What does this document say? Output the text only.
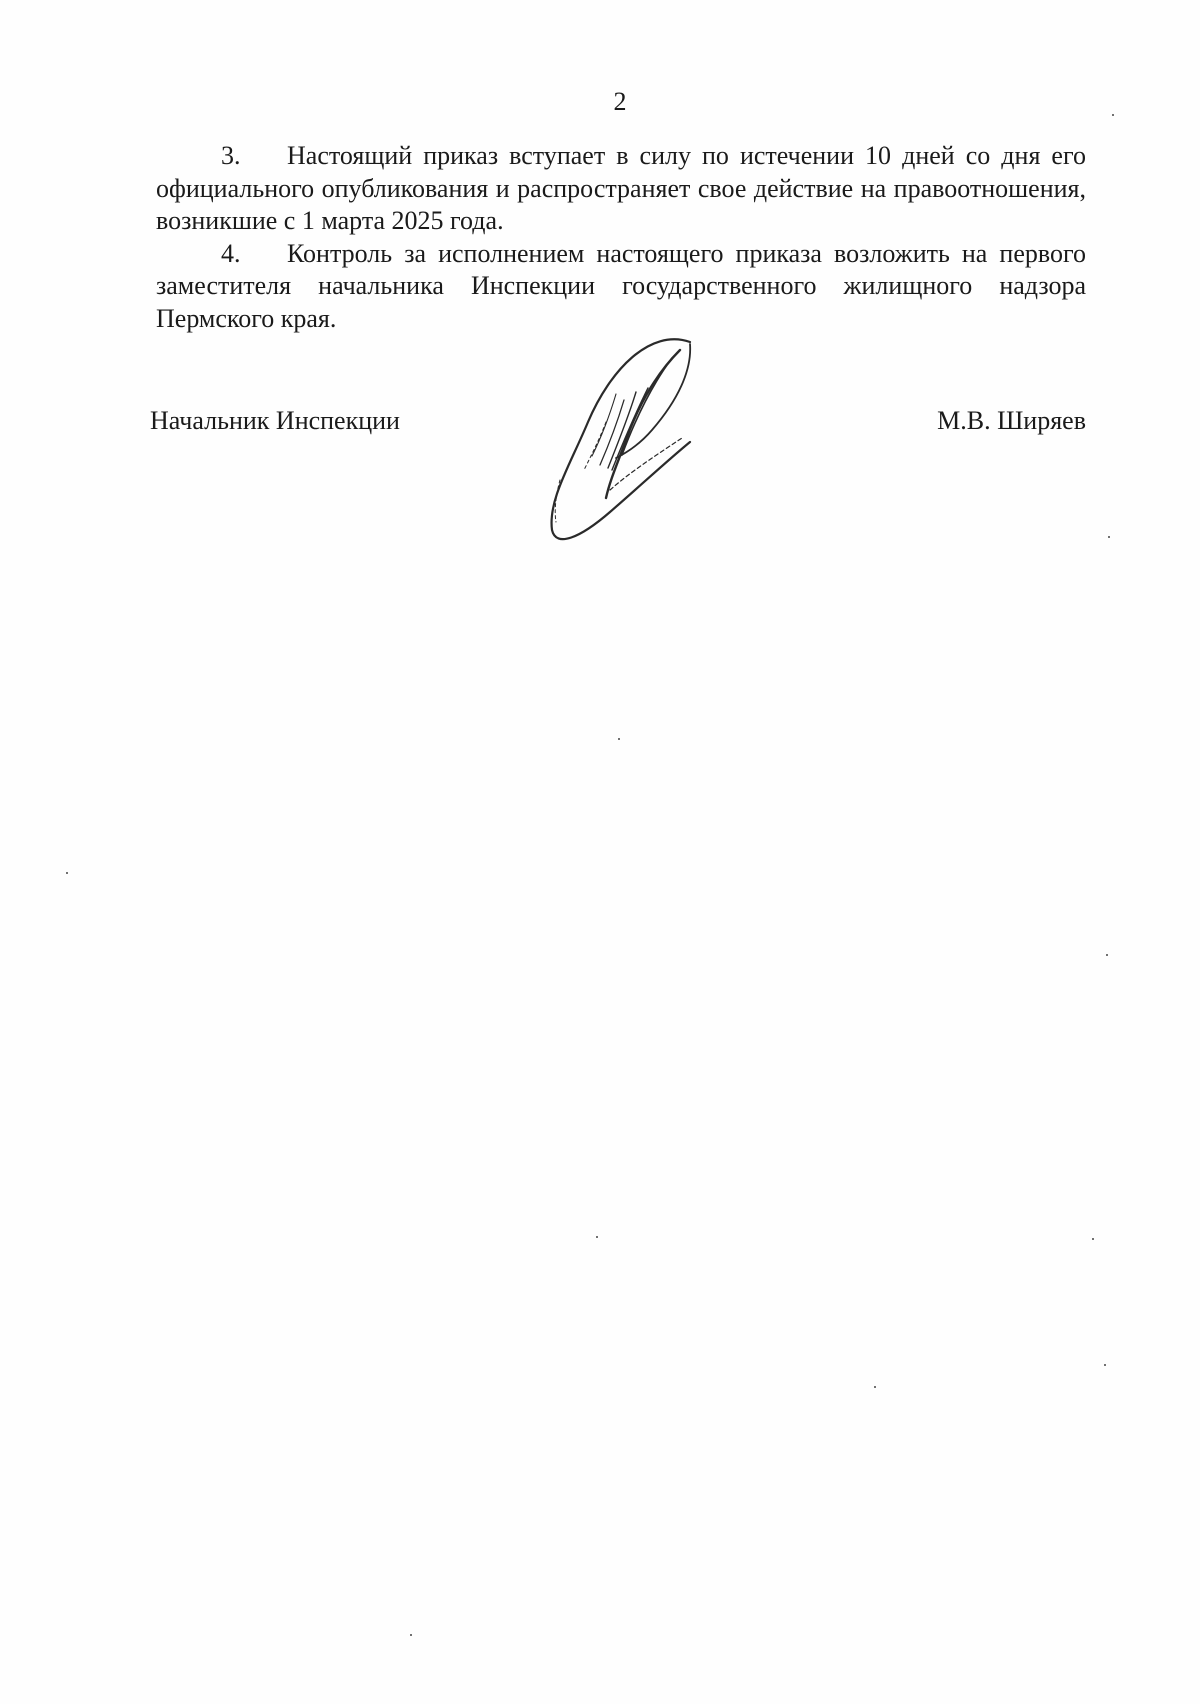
2

3. Настоящий приказ вступает в силу по истечении 10 дней со дня его официального опубликования и распространяет свое действие на правоотношения, возникшие с 1 марта 2025 года.

4. Контроль за исполнением настоящего приказа возложить на первого заместителя начальника Инспекции государственного жилищного надзора Пермского края.

Начальник Инспекции	М.В. Ширяев
